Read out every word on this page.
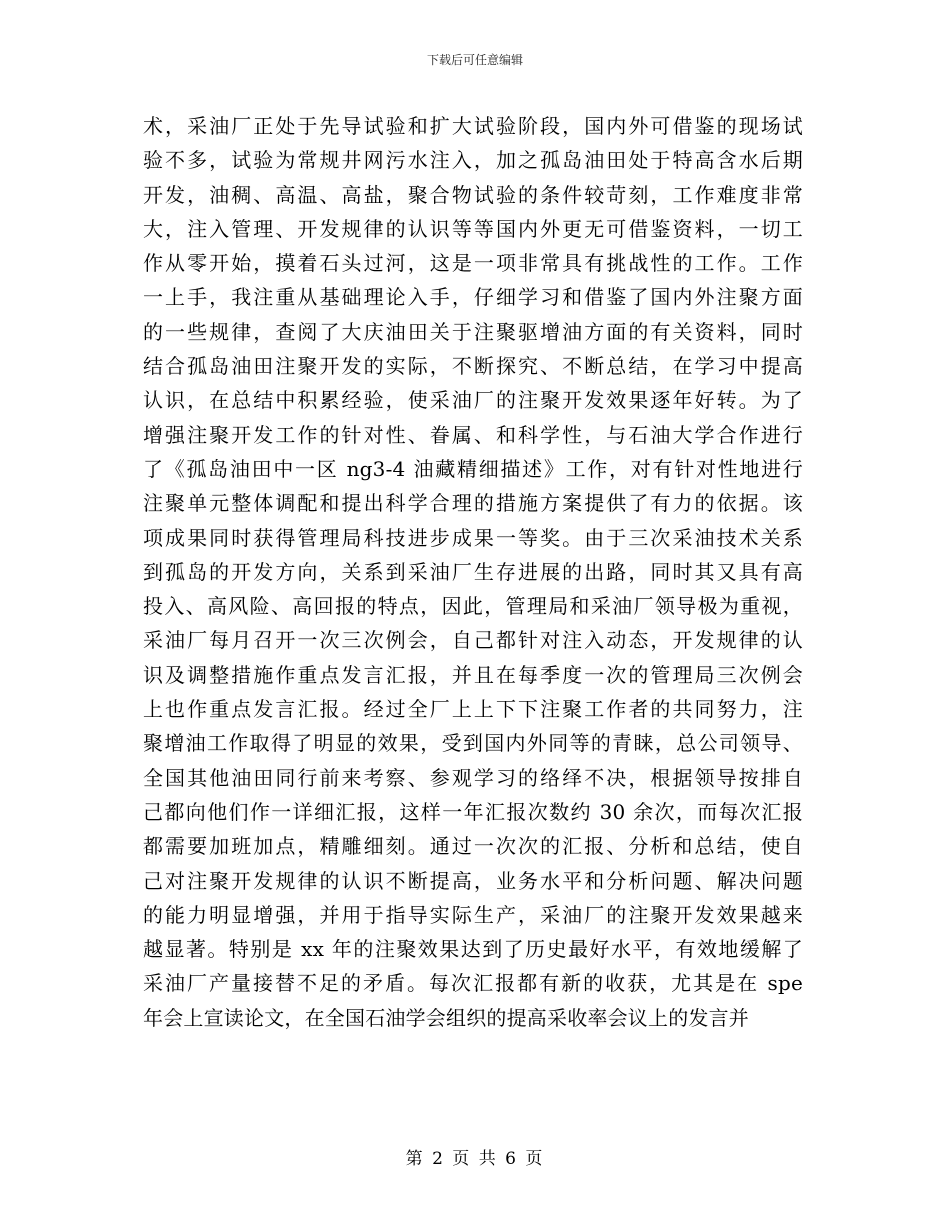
下载后可任意编辑
术，采油厂正处于先导试验和扩大试验阶段，国内外可借鉴的现场试
验不多，试验为常规井网污水注入，加之孤岛油田处于特高含水后期
开发，油稠、高温、高盐，聚合物试验的条件较苛刻，工作难度非常
大，注入管理、开发规律的认识等等国内外更无可借鉴资料，一切工
作从零开始，摸着石头过河，这是一项非常具有挑战性的工作。工作
一上手，我注重从基础理论入手，仔细学习和借鉴了国内外注聚方面
的一些规律，查阅了大庆油田关于注聚驱增油方面的有关资料，同时
结合孤岛油田注聚开发的实际，不断探究、不断总结，在学习中提高
认识，在总结中积累经验，使采油厂的注聚开发效果逐年好转。为了
增强注聚开发工作的针对性、眷属、和科学性，与石油大学合作进行
了《孤岛油田中一区 ng3-4 油藏精细描述》工作，对有针对性地进行
注聚单元整体调配和提出科学合理的措施方案提供了有力的依据。该
项成果同时获得管理局科技进步成果一等奖。由于三次采油技术关系
到孤岛的开发方向，关系到采油厂生存进展的出路，同时其又具有高
投入、高风险、高回报的特点，因此，管理局和采油厂领导极为重视，
采油厂每月召开一次三次例会，自己都针对注入动态，开发规律的认
识及调整措施作重点发言汇报，并且在每季度一次的管理局三次例会
上也作重点发言汇报。经过全厂上上下下注聚工作者的共同努力，注
聚增油工作取得了明显的效果，受到国内外同等的青睐，总公司领导、
全国其他油田同行前来考察、参观学习的络绎不决，根据领导按排自
己都向他们作一详细汇报，这样一年汇报次数约 30 余次，而每次汇报
都需要加班加点，精雕细刻。通过一次次的汇报、分析和总结，使自
己对注聚开发规律的认识不断提高，业务水平和分析问题、解决问题
的能力明显增强，并用于指导实际生产，采油厂的注聚开发效果越来
越显著。特别是 xx 年的注聚效果达到了历史最好水平，有效地缓解了
采油厂产量接替不足的矛盾。每次汇报都有新的收获，尤其是在 spe
年会上宣读论文，在全国石油学会组织的提高采收率会议上的发言并
第 2 页 共 6 页
